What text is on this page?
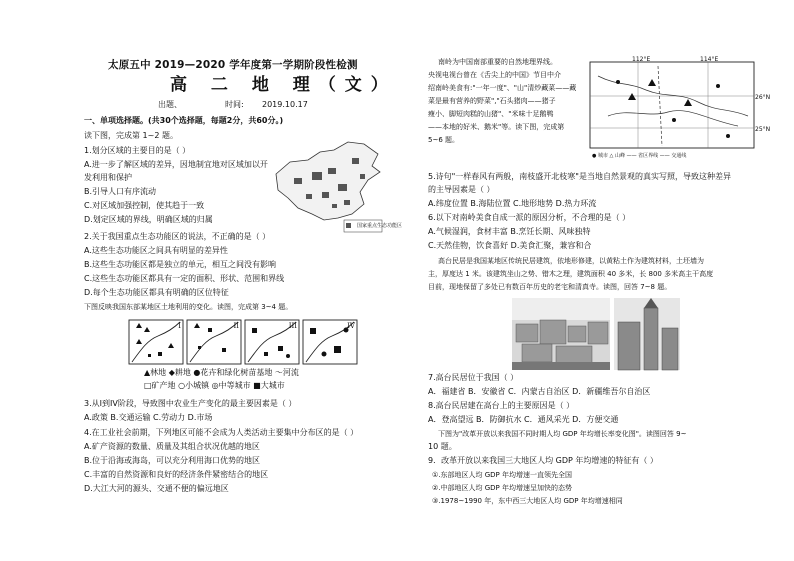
太原五中 2019—2020 学年度第一学期阶段性检测
高 二 地 理（文）
出题、	时间: 2019.10.17
一、单项选择题。(共30个选择题，每题2分，共60分。)
读下图，完成第 1~2 题。
1.划分区域的主要目的是（ ）
A.进一步了解区域的差异，因地制宜地对区域加以开
发利用和保护
B.引导人口有序流动
C.对区域加强控制，使其趋于一致
D.划定区域的界线，明确区域的归属
国家重点生态功能区
2.关于我国重点生态功能区的说法，不正确的是（ ）
A.这些生态功能区之间具有明显的差异性
B.这些生态功能区都是独立的单元，相互之间没有影响
C.这些生态功能区都具有一定的面积、形状、范围和界线
D.每个生态功能区都具有明确的区位特征
下图反映我国东部某地区土地利用的变化。读图，完成第 3~4 题。
I	II	III	IV
▲林地 ◆耕地 ●花卉和绿化树苗基地 ～河流
□矿产地 ○小城镇 ◎中等城市 ■大城市
3.从I到IV阶段，导致图中农业生产变化的最主要因素是（ ）
A.政策 B.交通运输 C.劳动力 D.市场
4.在工业社会前期，下列地区可能不会成为人类活动主要集中分布区的是（ ）
A.矿产资源的数量、质量及其组合状况优越的地区
B.位于沿海或海岛，可以充分利用海口优势的地区
C.丰富的自然资源和良好的经济条件紧密结合的地区
D.大江大河的源头、交通不便的偏远地区
南岭为中国南部重要的自然地理界线。
央视电视台曾在《舌尖上的中国》节目中介
绍南岭美食有:"一年一度"、"山"清炒藏菜——藏
菜是最有营养的野菜","石头猪肉——猪子
瘦小、脚短肉糕的山猪"、"米味十足鹅鸭
——本地的好米、鹅米"等。读下图，完成第
5~6 题。
112°E	114°E
26°N
25°N
● 城市 △ 山峰 —— 省区界线 —— 交通线
5.诗句"一样春风有两般，南枝盛开北枝寒"是当地自然景观的真实写照，导致这种差异
的主导因素是（ ）
A.纬度位置 B.海陆位置 C.地形地势 D.热力环流
6.以下对南岭美食自成一派的原因分析，不合理的是（ ）
A.气候湿润，食材丰富 B.烹饪长期、风味独特
C.天然佳物，饮食喜好 D.美食汇聚，兼容和合
高台民居是我国某地区传统民居建筑，依地形修建，以黄粘土作为建筑材料，土坯墙为
主，厚度达 1 米。该建筑坐山之势、错木之理，建筑面积 40 多米，长 800 多米高主干高度
目前，现地保留了多处已有数百年历史的老宅和清真寺。读图，回答 7~8 题。
7.高台民居位于我国（ ）
A．福建省 B．安徽省 C．内蒙古自治区 D．新疆维吾尔自治区
8.高台民居建在高台上的主要原因是（ ）
A．登高望远 B．防御抗水 C．通风采光 D．方便交通
下图为"改革开放以来我国不同时期人均 GDP 年均增长率变化图"。读图回答 9~
10 题。
9．改革开放以来我国三大地区人均 GDP 年均增速的特征有（ ）
①.东部地区人均 GDP 年均增速一直领先全国
②.中部地区人均 GDP 年均增速呈加快的态势
③.1978~1990 年，东中西三大地区人均 GDP 年均增速相同
